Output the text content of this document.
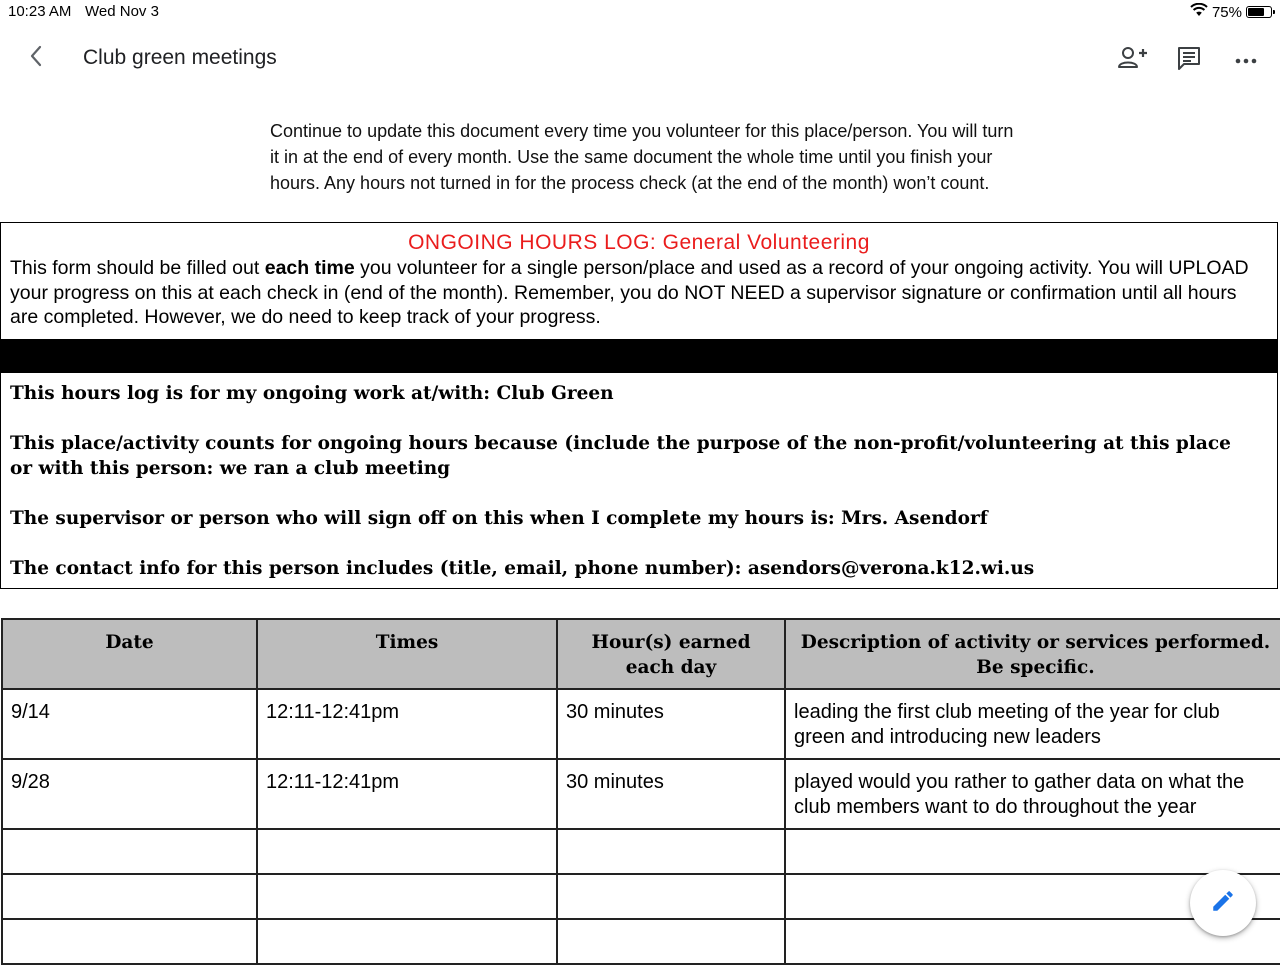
10:23 AM Wed Nov 3	75%
Club green meetings
Continue to update this document every time you volunteer for this place/person. You will turn it in at the end of every month. Use the same document the whole time until you finish your hours. Any hours not turned in for the process check (at the end of the month) won’t count.
ONGOING HOURS LOG: General Volunteering
This form should be filled out each time you volunteer for a single person/place and used as a record of your ongoing activity. You will UPLOAD your progress on this at each check in (end of the month). Remember, you do NOT NEED a supervisor signature or confirmation until all hours are completed. However, we do need to keep track of your progress.

This hours log is for my ongoing work at/with: Club Green

This place/activity counts for ongoing hours because (include the purpose of the non-profit/volunteering at this place or with this person: we ran a club meeting

The supervisor or person who will sign off on this when I complete my hours is: Mrs. Asendorf

The contact info for this person includes (title, email, phone number): asendors@verona.k12.wi.us

Date	Times	Hour(s) earned each day	Description of activity or services performed. Be specific.
9/14	12:11-12:41pm	30 minutes	leading the first club meeting of the year for club green and introducing new leaders
9/28	12:11-12:41pm	30 minutes	played would you rather to gather data on what the club members want to do throughout the year
